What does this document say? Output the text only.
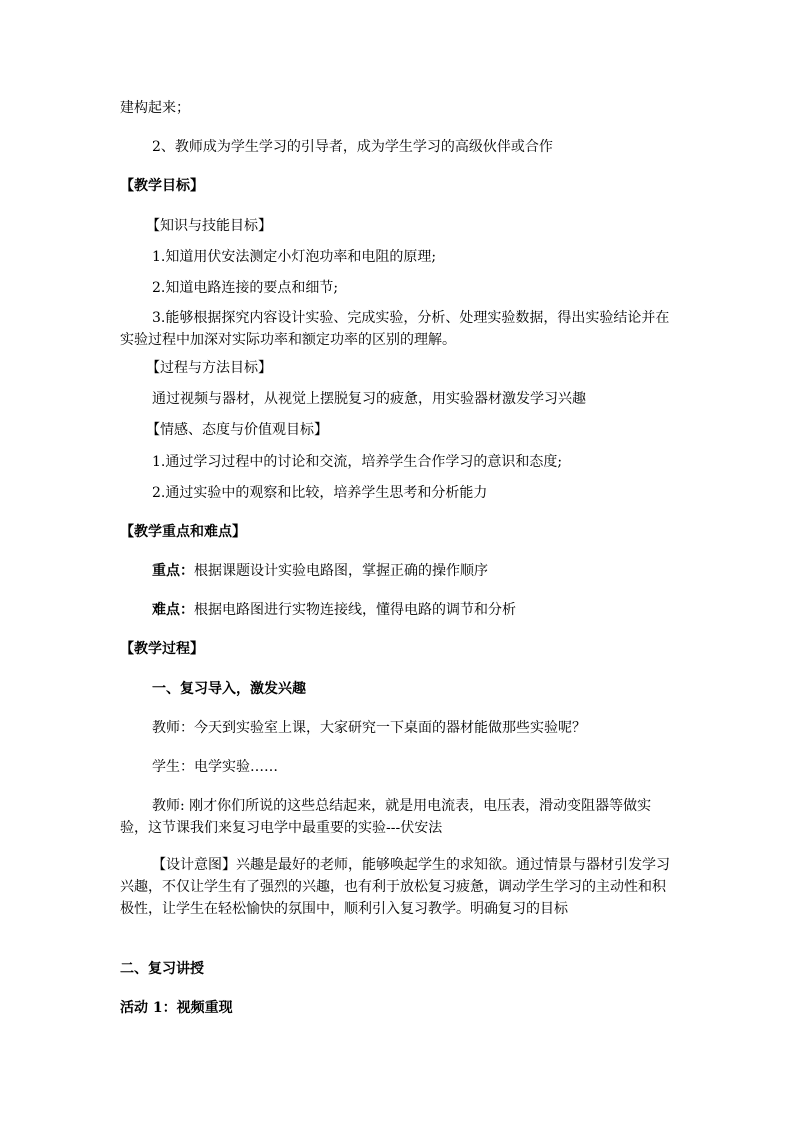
建构起来；
2、教师成为学生学习的引导者，成为学生学习的高级伙伴或合作
【教学目标】
【知识与技能目标】
1.知道用伏安法测定小灯泡功率和电阻的原理;
2.知道电路连接的要点和细节;
3.能够根据探究内容设计实验、完成实验，分析、处理实验数据，得出实验结论并在实验过程中加深对实际功率和额定功率的区别的理解。
【过程与方法目标】
通过视频与器材，从视觉上摆脱复习的疲惫，用实验器材激发学习兴趣
【情感、态度与价值观目标】
1.通过学习过程中的讨论和交流，培养学生合作学习的意识和态度;
2.通过实验中的观察和比较，培养学生思考和分析能力
【教学重点和难点】
重点：根据课题设计实验电路图，掌握正确的操作顺序
难点：根据电路图进行实物连接线，懂得电路的调节和分析
【教学过程】
一、复习导入，激发兴趣
教师：今天到实验室上课，大家研究一下桌面的器材能做那些实验呢？
学生：电学实验……
教师: 刚才你们所说的这些总结起来，就是用电流表，电压表，滑动变阻器等做实验，这节课我们来复习电学中最重要的实验---伏安法
【设计意图】兴趣是最好的老师，能够唤起学生的求知欲。通过情景与器材引发学习兴趣，不仅让学生有了强烈的兴趣，也有利于放松复习疲惫，调动学生学习的主动性和积极性，让学生在轻松愉快的氛围中，顺利引入复习教学。明确复习的目标
二、复习讲授
活动 1：视频重现
